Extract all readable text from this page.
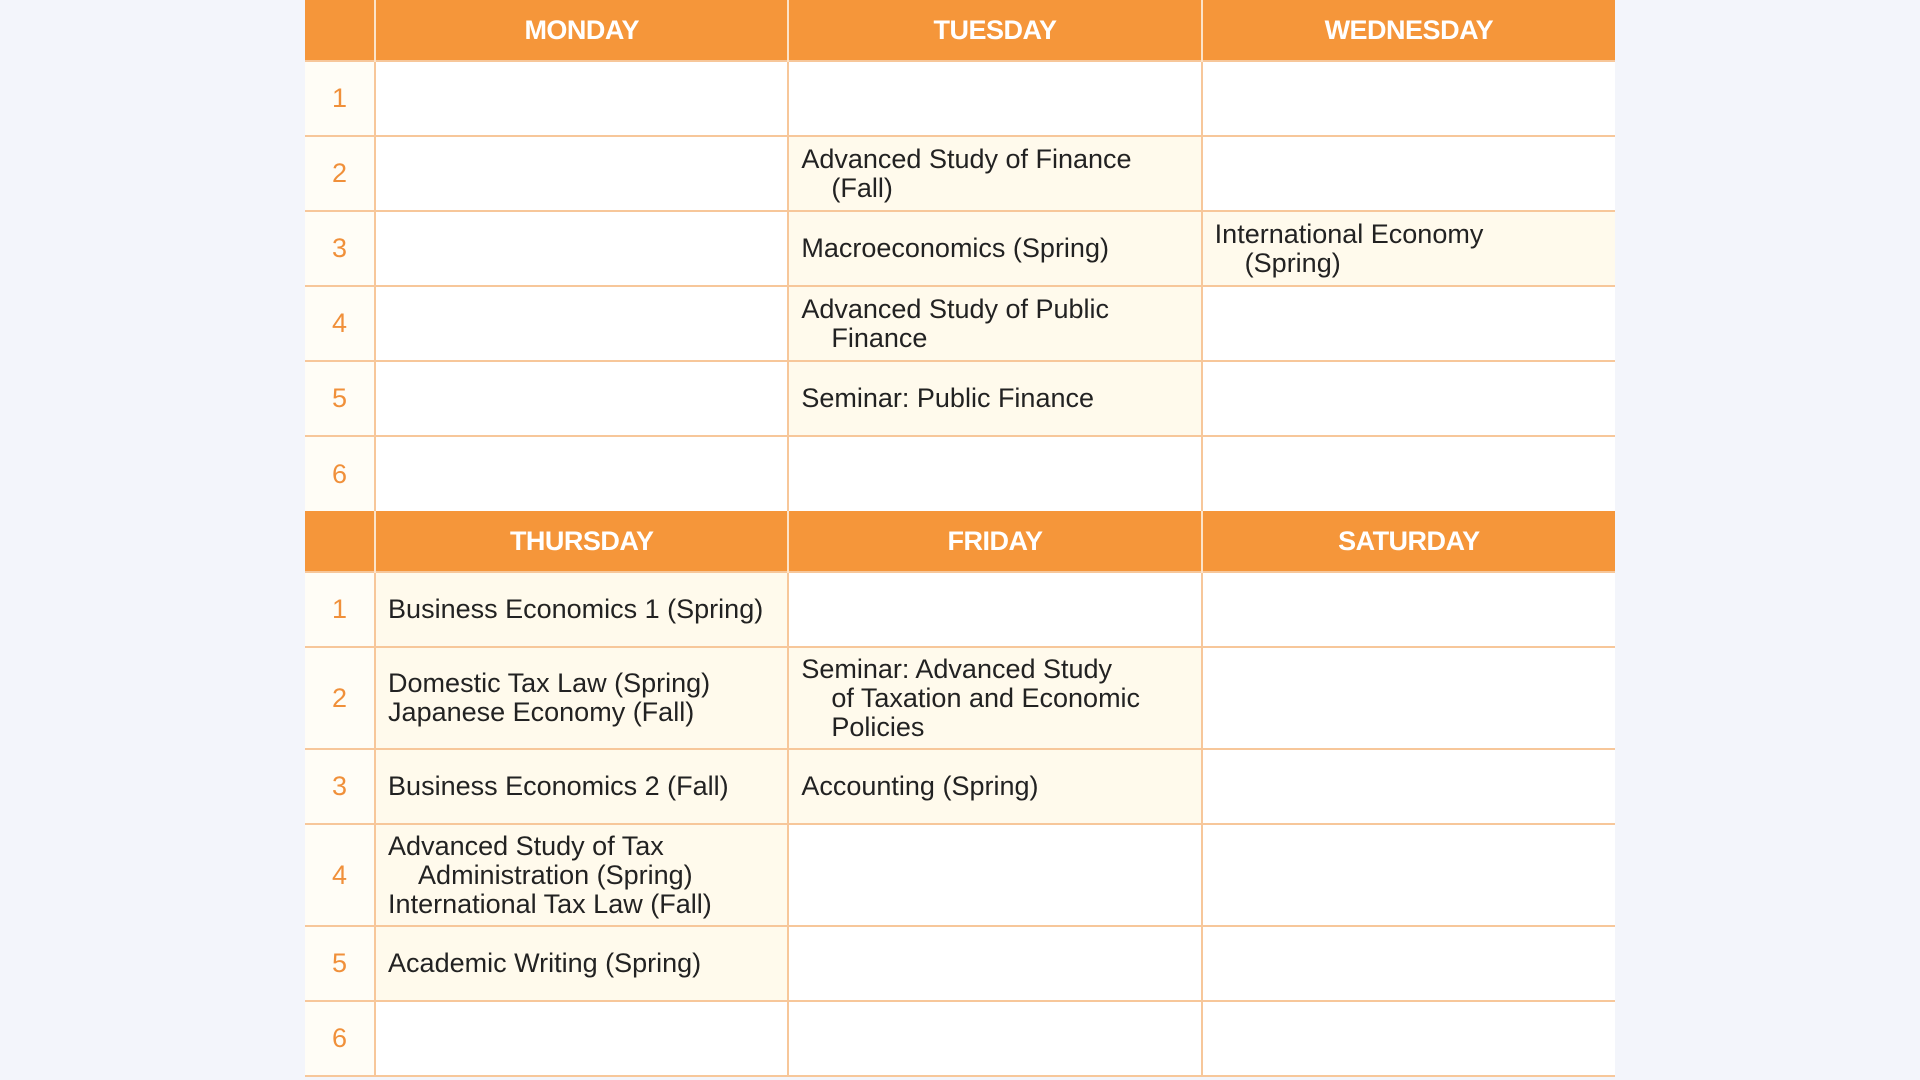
	MONDAY	TUESDAY	WEDNESDAY
1			
2		Advanced Study of Finance
(Fall)	

3		Macroeconomics (Spring)	International Economy
(Spring)

4		Advanced Study of Public
Finance	

5		Seminar: Public Finance	

6			
	THURSDAY	FRIDAY	SATURDAY
1	Business Economics 1 (Spring)		

2	Domestic Tax Law (Spring)
Japanese Economy (Fall)	Seminar: Advanced Study
of Taxation and Economic
Policies	

3	Business Economics 2 (Fall)	Accounting (Spring)	

4	Advanced Study of Tax
Administration (Spring)
International Tax Law (Fall)		

5	Academic Writing (Spring)		

6			
